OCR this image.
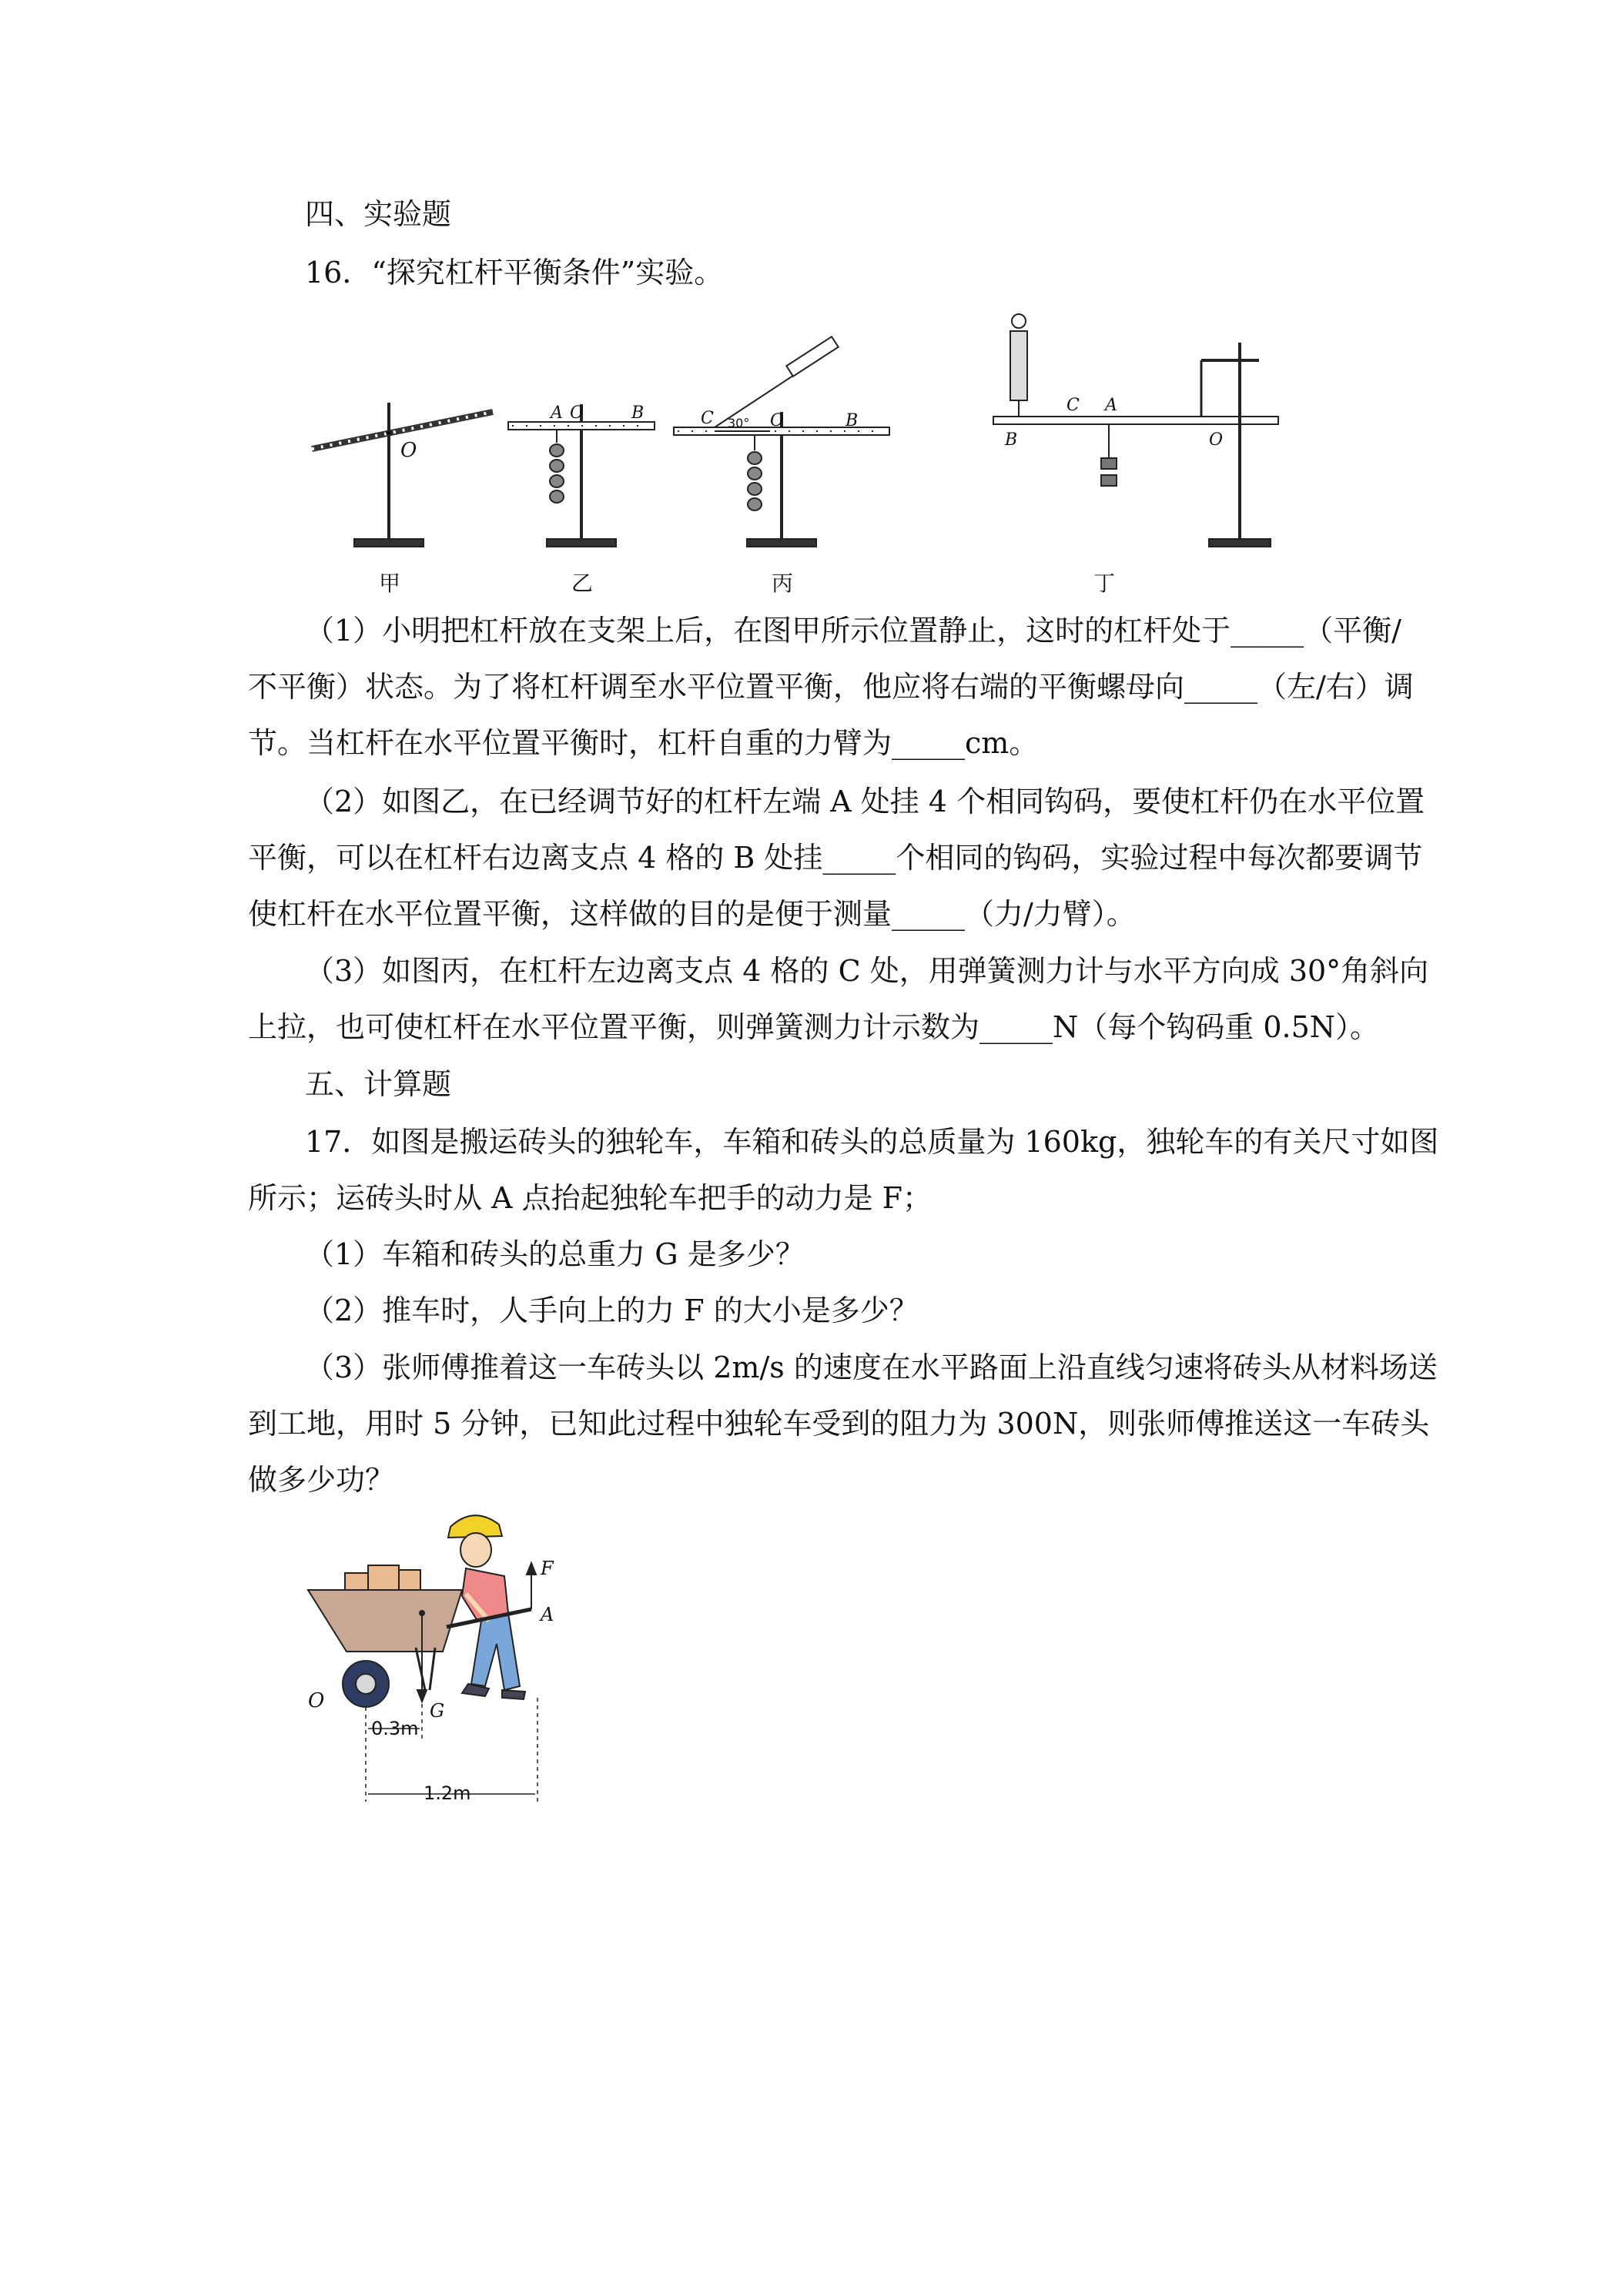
四、实验题
16．“探究杠杆平衡条件”实验。
O
甲
A O	B
乙
C 30° O	B
丙
B
C A
O
丁
（1）小明把杠杆放在支架上后，在图甲所示位置静止，这时的杠杆处于_____（平衡/
不平衡）状态。为了将杠杆调至水平位置平衡，他应将右端的平衡螺母向_____（左/右）调
节。当杠杆在水平位置平衡时，杠杆自重的力臂为_____cm。
（2）如图乙，在已经调节好的杠杆左端 A 处挂 4 个相同钩码，要使杠杆仍在水平位置
平衡，可以在杠杆右边离支点 4 格的 B 处挂_____个相同的钩码，实验过程中每次都要调节
使杠杆在水平位置平衡，这样做的目的是便于测量_____（力/力臂）。
（3）如图丙，在杠杆左边离支点 4 格的 C 处，用弹簧测力计与水平方向成 30°角斜向
上拉，也可使杠杆在水平位置平衡，则弹簧测力计示数为_____N（每个钩码重 0.5N）。
五、计算题
17．如图是搬运砖头的独轮车，车箱和砖头的总质量为 160kg，独轮车的有关尺寸如图
所示；运砖头时从 A 点抬起独轮车把手的动力是 F；
（1）车箱和砖头的总重力 G 是多少？
（2）推车时，人手向上的力 F 的大小是多少？
（3）张师傅推着这一车砖头以 2m/s 的速度在水平路面上沿直线匀速将砖头从材料场送
到工地，用时 5 分钟，已知此过程中独轮车受到的阻力为 300N，则张师傅推送这一车砖头
做多少功？
F
A
O	G
0.3m
1.2m
